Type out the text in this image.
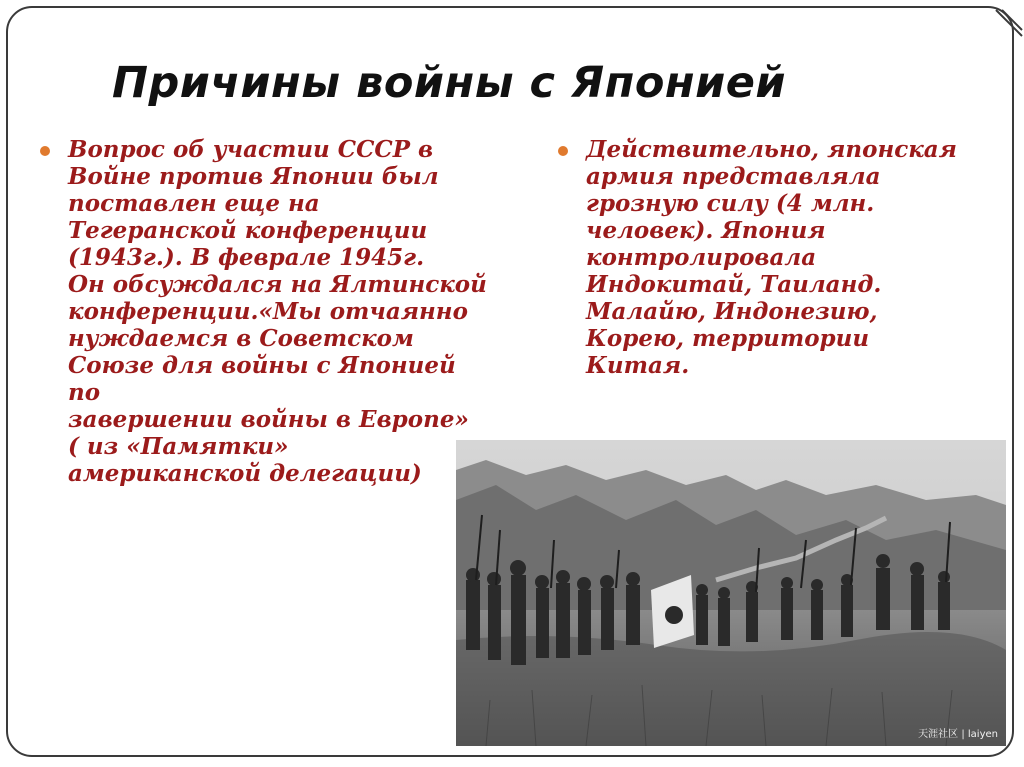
Причины войны с Японией
Вопрос об участии СССР в
Войне против Японии был
поставлен еще на
Тегеранской конференции
(1943г.). В феврале 1945г.
Он обсуждался на Ялтинской
конференции.«Мы отчаянно
нуждаемся в Советском
Союзе для войны с Японией по
завершении войны в Европе»
( из «Памятки»
американской делегации)
Действительно, японская
армия представляла
грозную силу (4 млн.
человек). Япония
контролировала
Индокитай, Таиланд.
Малайю, Индонезию,
Корею, территории
Китая.
天涯社区 | laiyen
